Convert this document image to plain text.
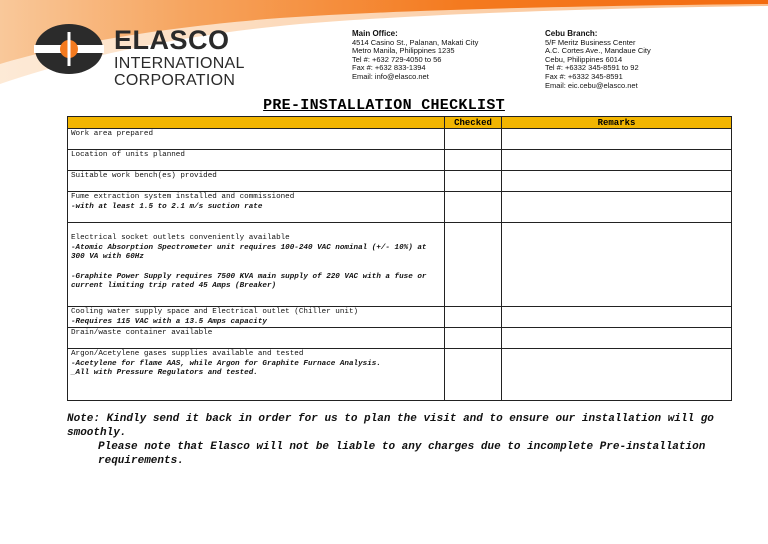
ELASCO
INTERNATIONAL
CORPORATION
Main Office:
4514 Casino St., Palanan, Makati City
Metro Manila, Philippines 1235
Tel #: +632 729-4050 to 56
Fax #: +632 833-1394
Email: info@elasco.net
Cebu Branch:
5/F Meritz Business Center
A.C. Cortes Ave., Mandaue City
Cebu, Philippines 6014
Tel #: +6332 345-8591 to 92
Fax #: +6332 345-8591
Email: eic.cebu@elasco.net
PRE-INSTALLATION CHECKLIST
	Checked	Remarks

Work area prepared		

Location of units planned		

Suitable work bench(es) provided		

Fume extraction system installed and commissioned
-with at least 1.5 to 2.1 m/s suction rate		

Electrical socket outlets conveniently available
-Atomic Absorption Spectrometer unit requires 100-240 VAC nominal (+/- 10%) at 300 VA with 60Hz
-Graphite Power Supply requires 7500 KVA main supply of 220 VAC with a fuse or current limiting trip rated 45 Amps (Breaker)		

Cooling water supply space and Electrical outlet (Chiller unit)
-Requires 115 VAC with a 13.5 Amps capacity		

Drain/waste container available		

Argon/Acetylene gases supplies available and tested
-Acetylene for flame AAS, while Argon for Graphite Furnace Analysis.
_All with Pressure Regulators and tested.		

Note: Kindly send it back in order for us to plan the visit and to ensure our installation will go smoothly.
Please note that Elasco will not be liable to any charges due to incomplete Pre-installation requirements.
